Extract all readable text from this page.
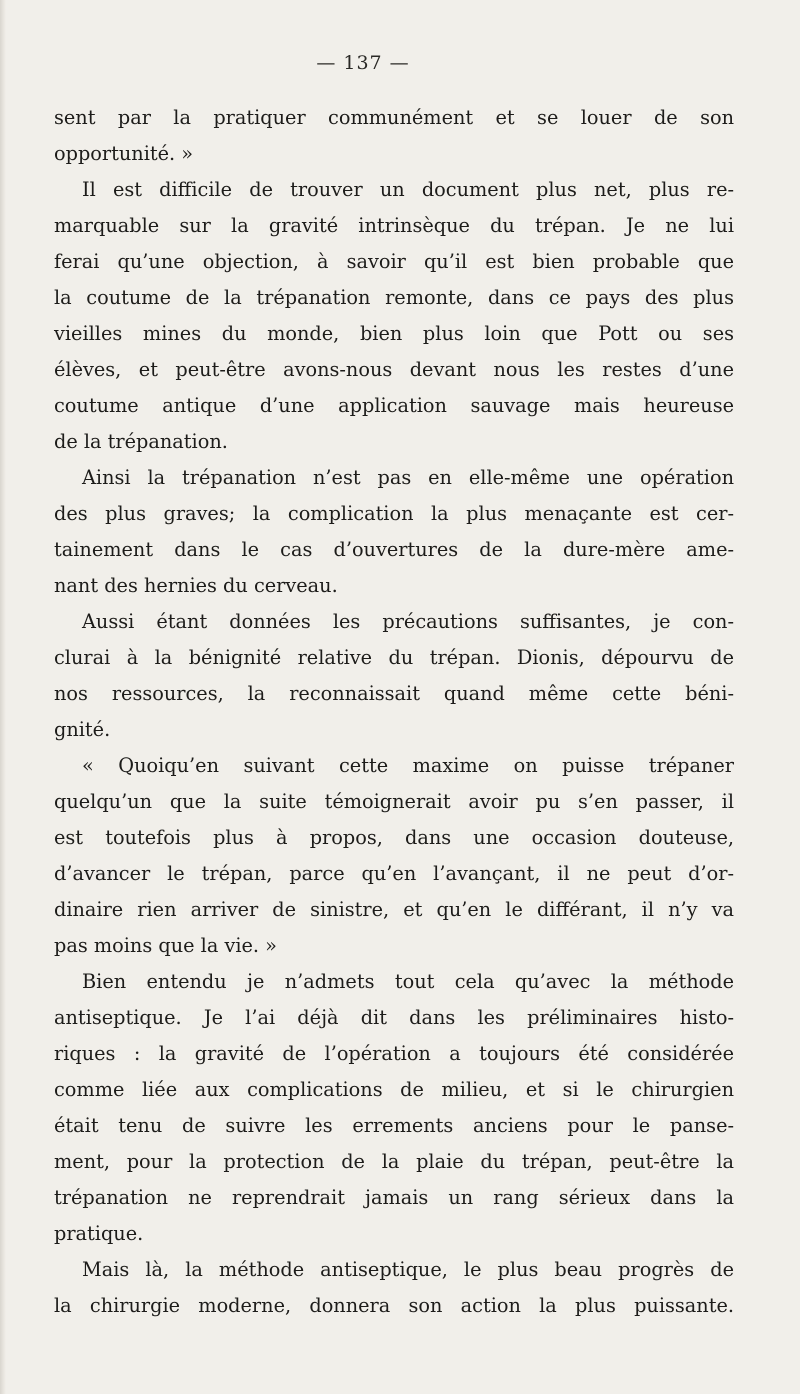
— 137 —
sent par la pratiquer communément et se louer de son
opportunité. »
Il est difficile de trouver un document plus net, plus re-
marquable sur la gravité intrinsèque du trépan. Je ne lui
ferai qu’une objection, à savoir qu’il est bien probable que
la coutume de la trépanation remonte, dans ce pays des plus
vieilles mines du monde, bien plus loin que Pott ou ses
élèves, et peut-être avons-nous devant nous les restes d’une
coutume antique d’une application sauvage mais heureuse
de la trépanation.
Ainsi la trépanation n’est pas en elle-même une opération
des plus graves; la complication la plus menaçante est cer-
tainement dans le cas d’ouvertures de la dure-mère ame-
nant des hernies du cerveau.
Aussi étant données les précautions suffisantes, je con-
clurai à la bénignité relative du trépan. Dionis, dépourvu de
nos ressources, la reconnaissait quand même cette béni-
gnité.
« Quoiqu’en suivant cette maxime on puisse trépaner
quelqu’un que la suite témoignerait avoir pu s’en passer, il
est toutefois plus à propos, dans une occasion douteuse,
d’avancer le trépan, parce qu’en l’avançant, il ne peut d’or-
dinaire rien arriver de sinistre, et qu’en le différant, il n’y va
pas moins que la vie. »
Bien entendu je n’admets tout cela qu’avec la méthode
antiseptique. Je l’ai déjà dit dans les préliminaires histo-
riques : la gravité de l’opération a toujours été considérée
comme liée aux complications de milieu, et si le chirurgien
était tenu de suivre les errements anciens pour le panse-
ment, pour la protection de la plaie du trépan, peut-être la
trépanation ne reprendrait jamais un rang sérieux dans la
pratique.
Mais là, la méthode antiseptique, le plus beau progrès de
la chirurgie moderne, donnera son action la plus puissante.
